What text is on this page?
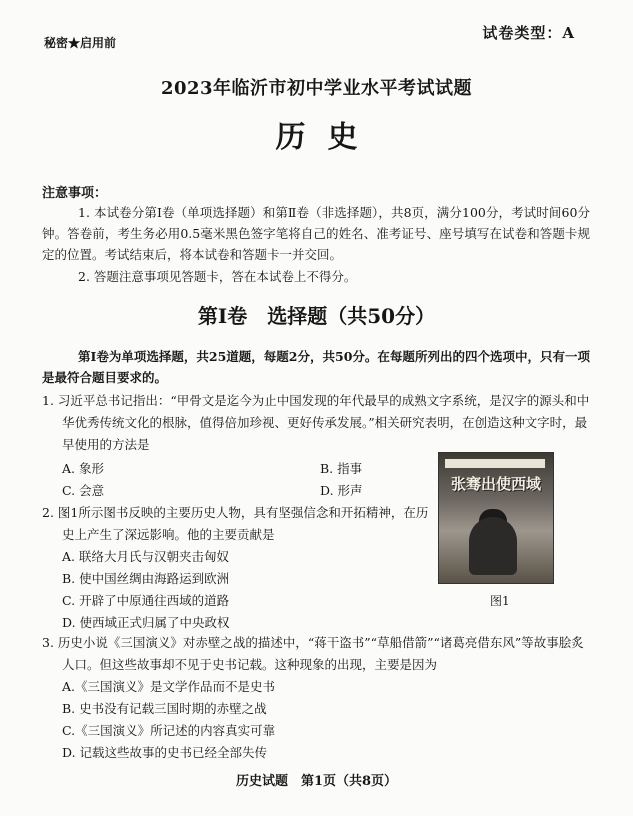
秘密★启用前
试卷类型：A
2023年临沂市初中学业水平考试试题
历史
注意事项：
1. 本试卷分第Ⅰ卷（单项选择题）和第Ⅱ卷（非选择题），共8页，满分100分，考试时间60分钟。答卷前，考生务必用0.5毫米黑色签字笔将自己的姓名、准考证号、座号填写在试卷和答题卡规定的位置。考试结束后，将本试卷和答题卡一并交回。
2. 答题注意事项见答题卡，答在本试卷上不得分。
第Ⅰ卷　选择题（共50分）
第Ⅰ卷为单项选择题，共25道题，每题2分，共50分。在每题所列出的四个选项中，只有一项是最符合题目要求的。
1. 习近平总书记指出：“甲骨文是迄今为止中国发现的年代最早的成熟文字系统，是汉字的源头和中华优秀传统文化的根脉，值得倍加珍视、更好传承发展。”相关研究表明，在创造这种文字时，最早使用的方法是
A. 象形	B. 指事
C. 会意	D. 形声
2. 图1所示图书反映的主要历史人物，具有坚强信念和开拓精神，在历史上产生了深远影响。他的主要贡献是
A. 联络大月氏与汉朝夹击匈奴
B. 使中国丝绸由海路运到欧洲
C. 开辟了中原通往西域的道路
D. 使西域正式归属了中央政权
张骞出使西域
图1
3. 历史小说《三国演义》对赤壁之战的描述中，“蒋干盗书”“草船借箭”“诸葛亮借东风”等故事脍炙人口。但这些故事却不见于史书记载。这种现象的出现，主要是因为
A.《三国演义》是文学作品而不是史书
B. 史书没有记载三国时期的赤壁之战
C.《三国演义》所记述的内容真实可靠
D. 记载这些故事的史书已经全部失传
历史试题　第1页（共8页）
